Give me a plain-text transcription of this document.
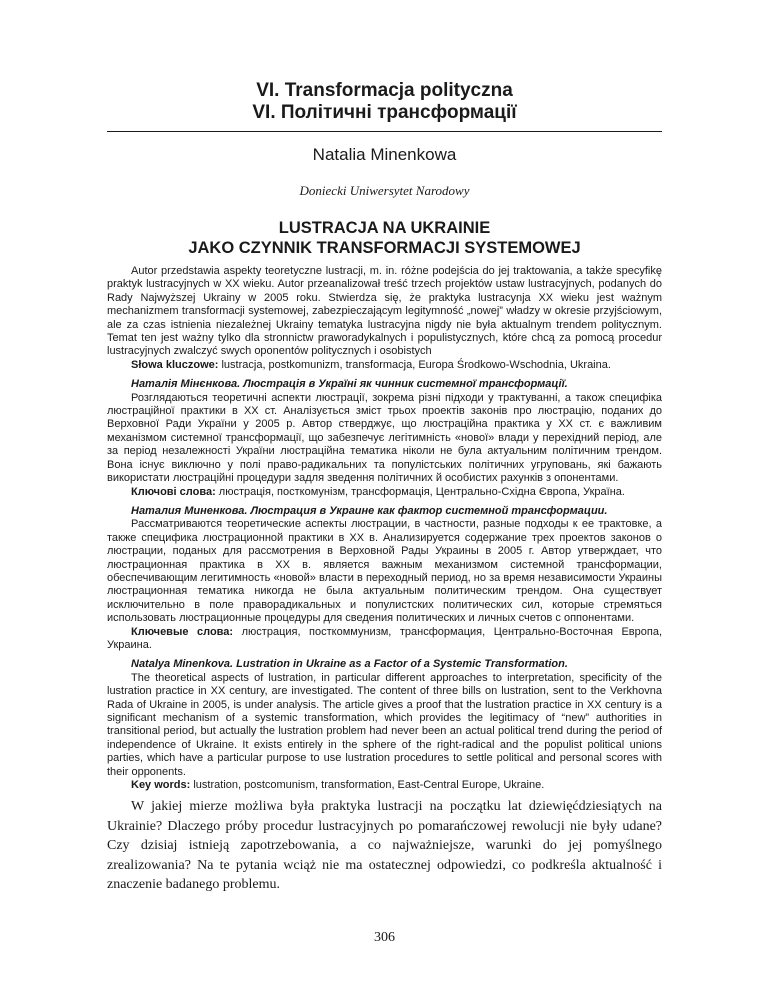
VI. Transformacja polityczna

VI. Політичні трансформації

Natalia Minenkowa
Doniecki Uniwersytet Narodowy
LUSTRACJA NA UKRAINIE
JAKO CZYNNIK TRANSFORMACJI SYSTEMOWEJ

Autor przedstawia aspekty teoretyczne lustracji, m. in. różne podejścia do jej traktowania, a także specyfikę praktyk lustracyjnych w XX wieku. Autor przeanalizował treść trzech projektów ustaw lustracyjnych, podanych do Rady Najwyższej Ukrainy w 2005 roku. Stwierdza się, że praktyka lustracynja XX wieku jest ważnym mechanizmem transformacji systemowej, zabezpieczającym legitymność „nowej” władzy w okresie przyjściowym, ale za czas istnienia niezależnej Ukrainy tematyka lustracyjna nigdy nie była aktualnym trendem politycznym. Temat ten jest ważny tylko dla stronnictw praworadykalnych i populistycznych, które chcą za pomocą procedur lustracyjnych zwalczyć swych oponentów politycznych i osobistych

Słowa kluczowe: lustracja, postkomunizm, transformacja, Europa Środkowo-Wschodnia, Ukraina.

Наталія Мінєнкова. Люстрація в Україні як чинник системної трансформації.

Розглядаються теоретичні аспекти люстрації, зокрема різні підходи у трактуванні, а також специфіка люстраційної практики в ХХ ст. Аналізується зміст трьох проектів законів про люстрацію, поданих до Верховної Ради України у 2005 р. Автор стверджує, що люстраційна практика у ХХ ст. є важливим механізмом системної трансформації, що забезпечує легітимність «нової» влади у перехідний період, але за період незалежності України люстраційна тематика ніколи не була актуальним політичним трендом. Вона існує виключно у полі право-радикальних та популістських політичних угруповань, які бажають використати люстраційні процедури задля зведення політичних й особистих рахунків з опонентами.

Ключові слова: люстрація, посткомунізм, трансформація, Центрально-Східна Європа, Україна.

Наталия Миненкова. Люстрация в Украине как фактор системной трансформации.

Рассматриваются теоретические аспекты люстрации, в частности, разные подходы к ее трактовке, а также специфика люстрационной практики в ХХ в. Анализируется содержание трех проектов законов о люстрации, поданых для рассмотрения в Верховной Рады Украины в 2005 г. Автор утверждает, что люстрационная практика в ХХ в. является важным механизмом системной трансформации, обеспечивающим легитимность «новой» власти в переходный период, но за время независимости Украины люстрационная тематика никогда не была актуальным политическим трендом. Она существует исключительно в поле праворадикальных и популистских политических сил, которые стремяться использовать люстрационные процедуры для сведения политических и личных счетов с оппонентами.

Ключевые слова: люстрация, посткоммунизм, трансформация, Центрально-Восточная Европа, Украина.

Natalya Minenkova. Lustration in Ukraine as a Factor of a Systemic Transformation.

The theoretical aspects of lustration, in particular different approaches to interpretation, specificity of the lustration practice in XX century, are investigated. The content of three bills on lustration, sent to the Verkhovna Rada of Ukraine in 2005, is under analysis. The article gives a proof that the lustration practice in XX century is a significant mechanism of a systemic transformation, which provides the legitimacy of “new” authorities in transitional period, but actually the lustration problem had never been an actual political trend during the period of independence of Ukraine. It exists entirely in the sphere of the right-radical and the populist political unions parties, which have a particular purpose to use lustration procedures to settle political and personal scores with their opponents.

Key words: lustration, postcomunism, transformation, East-Central Europe, Ukraine.

W jakiej mierze możliwa była praktyka lustracji na początku lat dziewięćdziesiątych na Ukrainie? Dlaczego próby procedur lustracyjnych po pomarańczowej rewolucji nie były udane? Czy dzisiaj istnieją zapotrzebowania, a co najważniejsze, warunki do jej pomyślnego zrealizowania? Na te pytania wciąż nie ma ostatecznej odpowiedzi, co podkreśla aktualność i znaczenie badanego problemu.

306
